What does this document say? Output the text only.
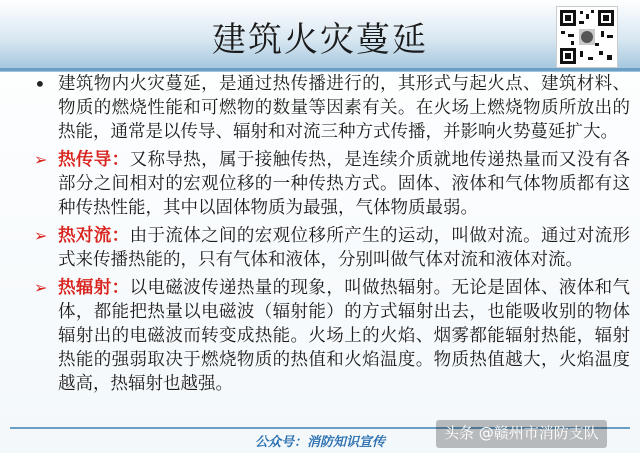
建筑火灾蔓延

• 建筑物内火灾蔓延，是通过热传播进行的，其形式与起火点、建筑材料、物质的燃烧性能和可燃物的数量等因素有关。在火场上燃烧物质所放出的热能，通常是以传导、辐射和对流三种方式传播，并影响火势蔓延扩大。

➢ 热传导：又称导热，属于接触传热，是连续介质就地传递热量而又没有各部分之间相对的宏观位移的一种传热方式。固体、液体和气体物质都有这种传热性能，其中以固体物质为最强，气体物质最弱。

➢ 热对流：由于流体之间的宏观位移所产生的运动，叫做对流。通过对流形式来传播热能的，只有气体和液体，分别叫做气体对流和液体对流。

➢ 热辐射：以电磁波传递热量的现象，叫做热辐射。无论是固体、液体和气体，都能把热量以电磁波（辐射能）的方式辐射出去，也能吸收别的物体辐射出的电磁波而转变成热能。火场上的火焰、烟雾都能辐射热能，辐射热能的强弱取决于燃烧物质的热值和火焰温度。物质热值越大，火焰温度越高，热辐射也越强。

公众号：消防知识宣传
头条 @赣州市消防支队
